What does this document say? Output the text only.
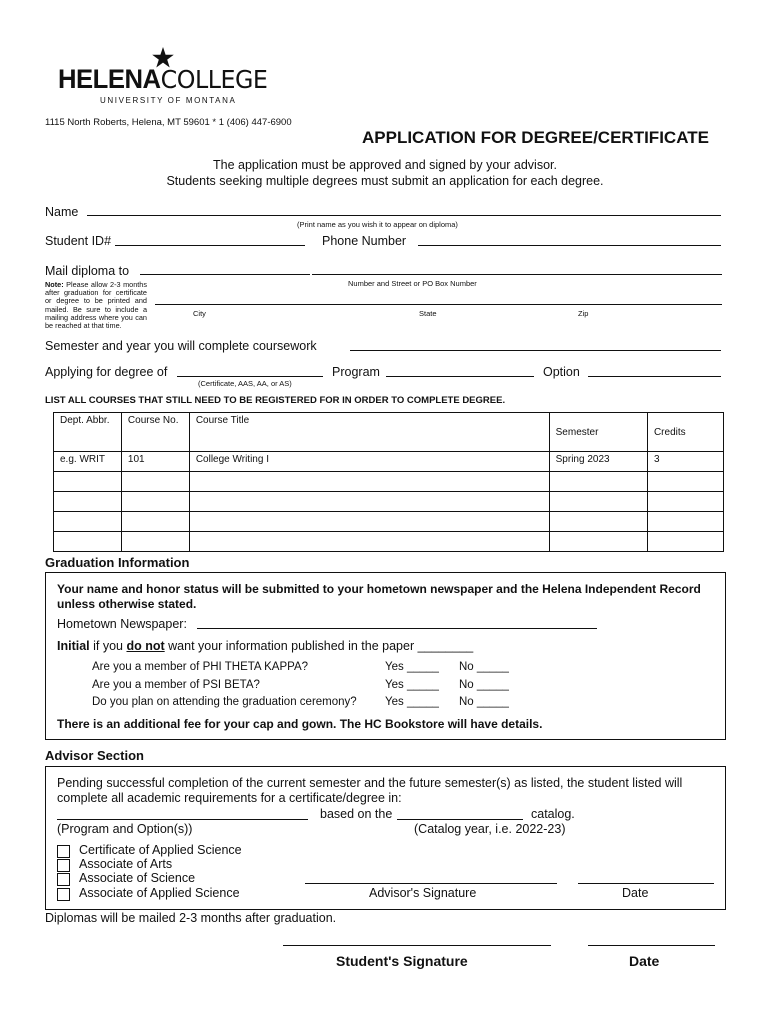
HELENACOLLEGE
UNIVERSITY OF MONTANA
1115 North Roberts, Helena, MT 59601 * 1 (406) 447-6900
APPLICATION FOR DEGREE/CERTIFICATE
The application must be approved and signed by your advisor.
Students seeking multiple degrees must submit an application for each degree.
Name
(Print name as you wish it to appear on diploma)
Student ID#	Phone Number
Mail diploma to
Number and Street or PO Box Number
Note: Please allow 2-3 months after graduation for certificate or degree to be printed and mailed. Be sure to include a mailing address where you can be reached at that time.
City	State	Zip
Semester and year you will complete coursework
Applying for degree of
(Certificate, AAS, AA, or AS)
Program	Option
LIST ALL COURSES THAT STILL NEED TO BE REGISTERED FOR IN ORDER TO COMPLETE DEGREE.
Dept. Abbr.	Course No.	Course Title	Semester	Credits
e.g. WRIT	101	College Writing I	Spring 2023	3

Graduation Information
Your name and honor status will be submitted to your hometown newspaper and the Helena Independent Record unless otherwise stated.
Hometown Newspaper:
Initial if you do not want your information published in the paper ________
Are you a member of PHI THETA KAPPA?	Yes _____ No _____
Are you a member of PSI BETA?	Yes _____ No _____
Do you plan on attending the graduation ceremony? Yes _____ No _____
There is an additional fee for your cap and gown. The HC Bookstore will have details.
Advisor Section
Pending successful completion of the current semester and the future semester(s) as listed, the student listed will complete all academic requirements for a certificate/degree in:
based on the	catalog.
(Program and Option(s))	(Catalog year, i.e. 2022-23)
Certificate of Applied Science
Associate of Arts
Associate of Science
Associate of Applied Science	Advisor's Signature	Date
Diplomas will be mailed 2-3 months after graduation.
Student's Signature	Date
